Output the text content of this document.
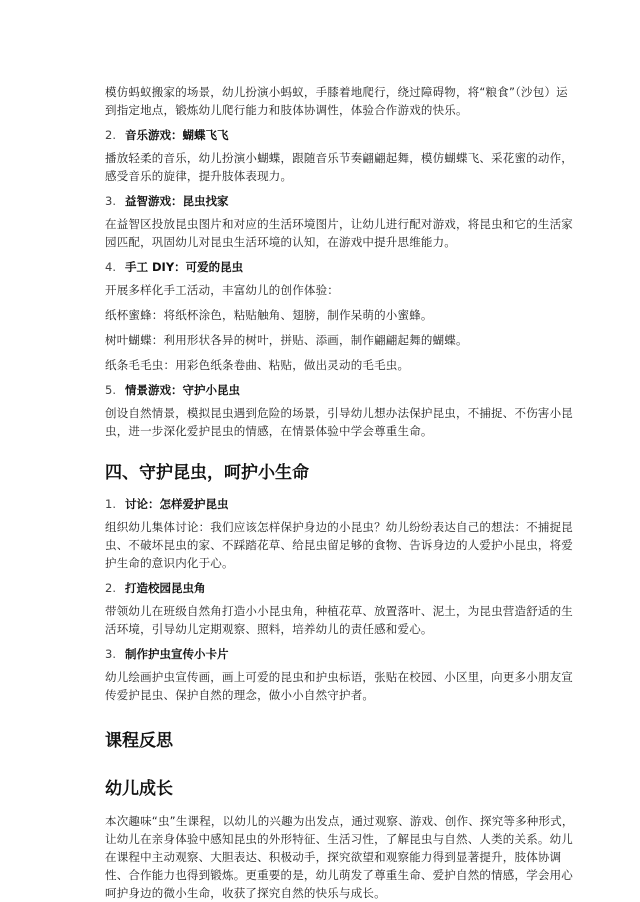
模仿蚂蚁搬家的场景，幼儿扮演小蚂蚁，手膝着地爬行，绕过障碍物，将“粮食”（沙包）运到指定地点，锻炼幼儿爬行能力和肢体协调性，体验合作游戏的快乐。

2. 音乐游戏：蝴蝶飞飞

播放轻柔的音乐，幼儿扮演小蝴蝶，跟随音乐节奏翩翩起舞，模仿蝴蝶飞、采花蜜的动作，感受音乐的旋律，提升肢体表现力。

3. 益智游戏：昆虫找家

在益智区投放昆虫图片和对应的生活环境图片，让幼儿进行配对游戏，将昆虫和它的生活家园匹配，巩固幼儿对昆虫生活环境的认知，在游戏中提升思维能力。

4. 手工 DIY：可爱的昆虫

开展多样化手工活动，丰富幼儿的创作体验：

纸杯蜜蜂：将纸杯涂色，粘贴触角、翅膀，制作呆萌的小蜜蜂。

树叶蝴蝶：利用形状各异的树叶，拼贴、添画，制作翩翩起舞的蝴蝶。

纸条毛毛虫：用彩色纸条卷曲、粘贴，做出灵动的毛毛虫。

5. 情景游戏：守护小昆虫

创设自然情景，模拟昆虫遇到危险的场景，引导幼儿想办法保护昆虫，不捕捉、不伤害小昆虫，进一步深化爱护昆虫的情感，在情景体验中学会尊重生命。

四、守护昆虫，呵护小生命
1. 讨论：怎样爱护昆虫

组织幼儿集体讨论：我们应该怎样保护身边的小昆虫？幼儿纷纷表达自己的想法：不捕捉昆虫、不破坏昆虫的家、不踩踏花草、给昆虫留足够的食物、告诉身边的人爱护小昆虫，将爱护生命的意识内化于心。

2. 打造校园昆虫角

带领幼儿在班级自然角打造小小昆虫角，种植花草、放置落叶、泥土，为昆虫营造舒适的生活环境，引导幼儿定期观察、照料，培养幼儿的责任感和爱心。

3. 制作护虫宣传小卡片

幼儿绘画护虫宣传画，画上可爱的昆虫和护虫标语，张贴在校园、小区里，向更多小朋友宣传爱护昆虫、保护自然的理念，做小小自然守护者。

课程反思
幼儿成长

本次趣味“虫”生课程，以幼儿的兴趣为出发点，通过观察、游戏、创作、探究等多种形式，让幼儿在亲身体验中感知昆虫的外形特征、生活习性，了解昆虫与自然、人类的关系。幼儿在课程中主动观察、大胆表达、积极动手，探究欲望和观察能力得到显著提升，肢体协调性、合作能力也得到锻炼。更重要的是，幼儿萌发了尊重生命、爱护自然的情感，学会用心呵护身边的微小生命，收获了探究自然的快乐与成长。
